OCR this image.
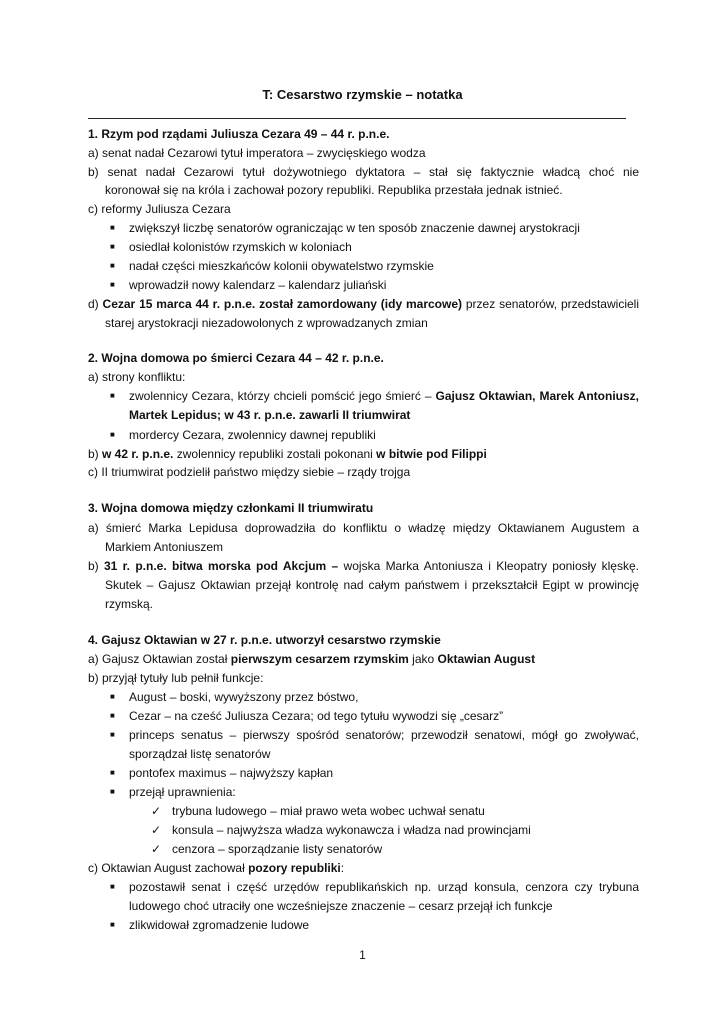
T: Cesarstwo rzymskie – notatka
1. Rzym pod rządami Juliusza Cezara 49 – 44 r. p.n.e.
a) senat nadał Cezarowi tytuł imperatora – zwycięskiego wodza
b) senat nadał Cezarowi tytuł dożywotniego dyktatora – stał się faktycznie władcą choć nie
koronował się na króla i zachował pozory republiki. Republika przestała jednak istnieć.
c) reformy Juliusza Cezara
■ zwiększył liczbę senatorów ograniczając w ten sposób znaczenie dawnej arystokracji
■ osiedlał kolonistów rzymskich w koloniach
■ nadał części mieszkańców kolonii obywatelstwo rzymskie
■ wprowadził nowy kalendarz – kalendarz juliański
d) Cezar 15 marca 44 r. p.n.e. został zamordowany (idy marcowe) przez senatorów, przedstawicieli
starej arystokracji niezadowolonych z wprowadzanych zmian
2. Wojna domowa po śmierci Cezara 44 – 42 r. p.n.e.
a) strony konfliktu:
■ zwolennicy Cezara, którzy chcieli pomścić jego śmierć – Gajusz Oktawian, Marek Antoniusz,
Martek Lepidus; w 43 r. p.n.e. zawarli II triumwirat
■ mordercy Cezara, zwolennicy dawnej republiki
b) w 42 r. p.n.e. zwolennicy republiki zostali pokonani w bitwie pod Filippi
c) II triumwirat podzielił państwo między siebie – rządy trojga
3. Wojna domowa między członkami II triumwiratu
a) śmierć Marka Lepidusa doprowadziła do konfliktu o władzę między Oktawianem Augustem a
Markiem Antoniuszem
b) 31 r. p.n.e. bitwa morska pod Akcjum – wojska Marka Antoniusza i Kleopatry poniosły klęskę.
Skutek – Gajusz Oktawian przejął kontrolę nad całym państwem i przekształcił Egipt w prowincję
rzymską.
4. Gajusz Oktawian w 27 r. p.n.e. utworzył cesarstwo rzymskie
a) Gajusz Oktawian został pierwszym cesarzem rzymskim jako Oktawian August
b) przyjął tytuły lub pełnił funkcje:
■ August – boski, wywyższony przez bóstwo,
■ Cezar – na cześć Juliusza Cezara; od tego tytułu wywodzi się „cesarz”
■ princeps senatus – pierwszy spośród senatorów; przewodził senatowi, mógł go zwoływać,
sporządzał listę senatorów
■ pontofex maximus – najwyższy kapłan
■ przejął uprawnienia:
✓ trybuna ludowego – miał prawo weta wobec uchwał senatu
✓ konsula – najwyższa władza wykonawcza i władza nad prowincjami
✓ cenzora – sporządzanie listy senatorów
c) Oktawian August zachował pozory republiki:
■ pozostawił senat i część urzędów republikańskich np. urząd konsula, cenzora czy trybuna
ludowego choć utraciły one wcześniejsze znaczenie – cesarz przejął ich funkcje
■ zlikwidował zgromadzenie ludowe
1
